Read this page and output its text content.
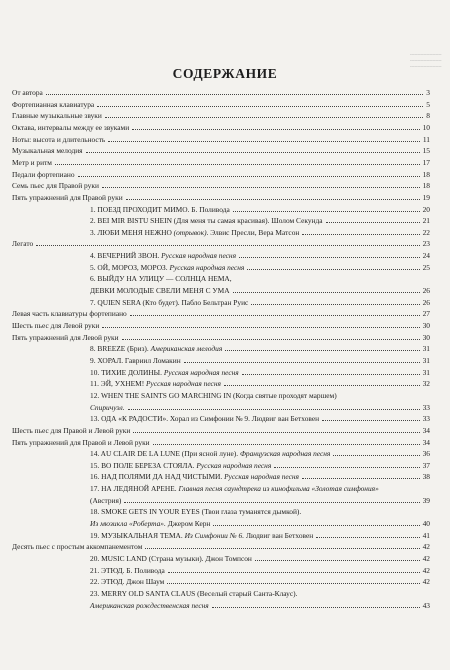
---------------------
---------------------
---------------------
СОДЕРЖАНИЕ
От автора	3
Фортепианная клавиатура	5
Главные музыкальные звуки	8
Октава, интервалы между ее звуками	10
Ноты: высота и длительность	11
Музыкальная мелодия	15
Метр и ритм	17
Педали фортепиано	18
Семь пьес для Правой руки	18
Пять упражнений для Правой руки	19
1. ПОЕЗД ПРОХОДИТ МИМО. Б. Поливода	20
2. BEI MIR BISTU SHEIN (Для меня ты самая красивая). Шолом Секунда	21
3. ЛЮБИ МЕНЯ НЕЖНО (отрывок). Элвис Пресли, Вера Матсон	22
Легато	23
4. ВЕЧЕРНИЙ ЗВОН. Русская народная песня	24
5. ОЙ, МОРОЗ, МОРОЗ. Русская народная песня	25
6. ВЫЙДУ НА УЛИЦУ — СОЛНЦА НЕМА,
ДЕВКИ МОЛОДЫЕ СВЕЛИ МЕНЯ С УМА	26
7. QUIEN SERA (Кто будет). Пабло Бельтран Руис	26
Левая часть клавиатуры фортепиано	27
Шесть пьес для Левой руки	30
Пять упражнений для Левой руки	30
8. BREEZE (Бриз). Американская мелодия	31
9. ХОРАЛ. Гавриил Ломакин	31
10. ТИХИЕ ДОЛИНЫ. Русская народная песня	31
11. ЭЙ, УХНЕМ! Русская народная песня	32
12. WHEN THE SAINTS GO MARCHING IN (Когда святые проходят маршем)
Спиричуэл.	33
13. ОДА «К РАДОСТИ». Хорал из Симфонии № 9. Людвиг ван Бетховен	33
Шесть пьес для Правой и Левой руки	34
Пять упражнений для Правой и Левой руки	34
14. AU CLAIR DE LA LUNE (При ясной луне). Французская народная песня	36
15. ВО ПОЛЕ БЕРЕЗА СТОЯЛА. Русская народная песня	37
16. НАД ПОЛЯМИ ДА НАД ЧИСТЫМИ. Русская народная песня	38
17. НА ЛЕДЯНОЙ АРЕНЕ. Главная песня саундтрека из кинофильма «Золотая симфония»
(Австрия)	39
18. SMOKE GETS IN YOUR EYES (Твои глаза туманятся дымкой).
Из мюзикла «Роберта». Джером Керн	40
19. МУЗЫКАЛЬНАЯ ТЕМА. Из Симфонии № 6. Людвиг ван Бетховен	41
Десять пьес с простым аккомпанементом	42
20. MUSIC LAND (Страна музыки). Джон Томпсон	42
21. ЭТЮД. Б. Поливода	42
22. ЭТЮД. Джон Шаум	42
23. MERRY OLD SANTA CLAUS (Веселый старый Санта-Клаус).
Американская рождественская песня	43
